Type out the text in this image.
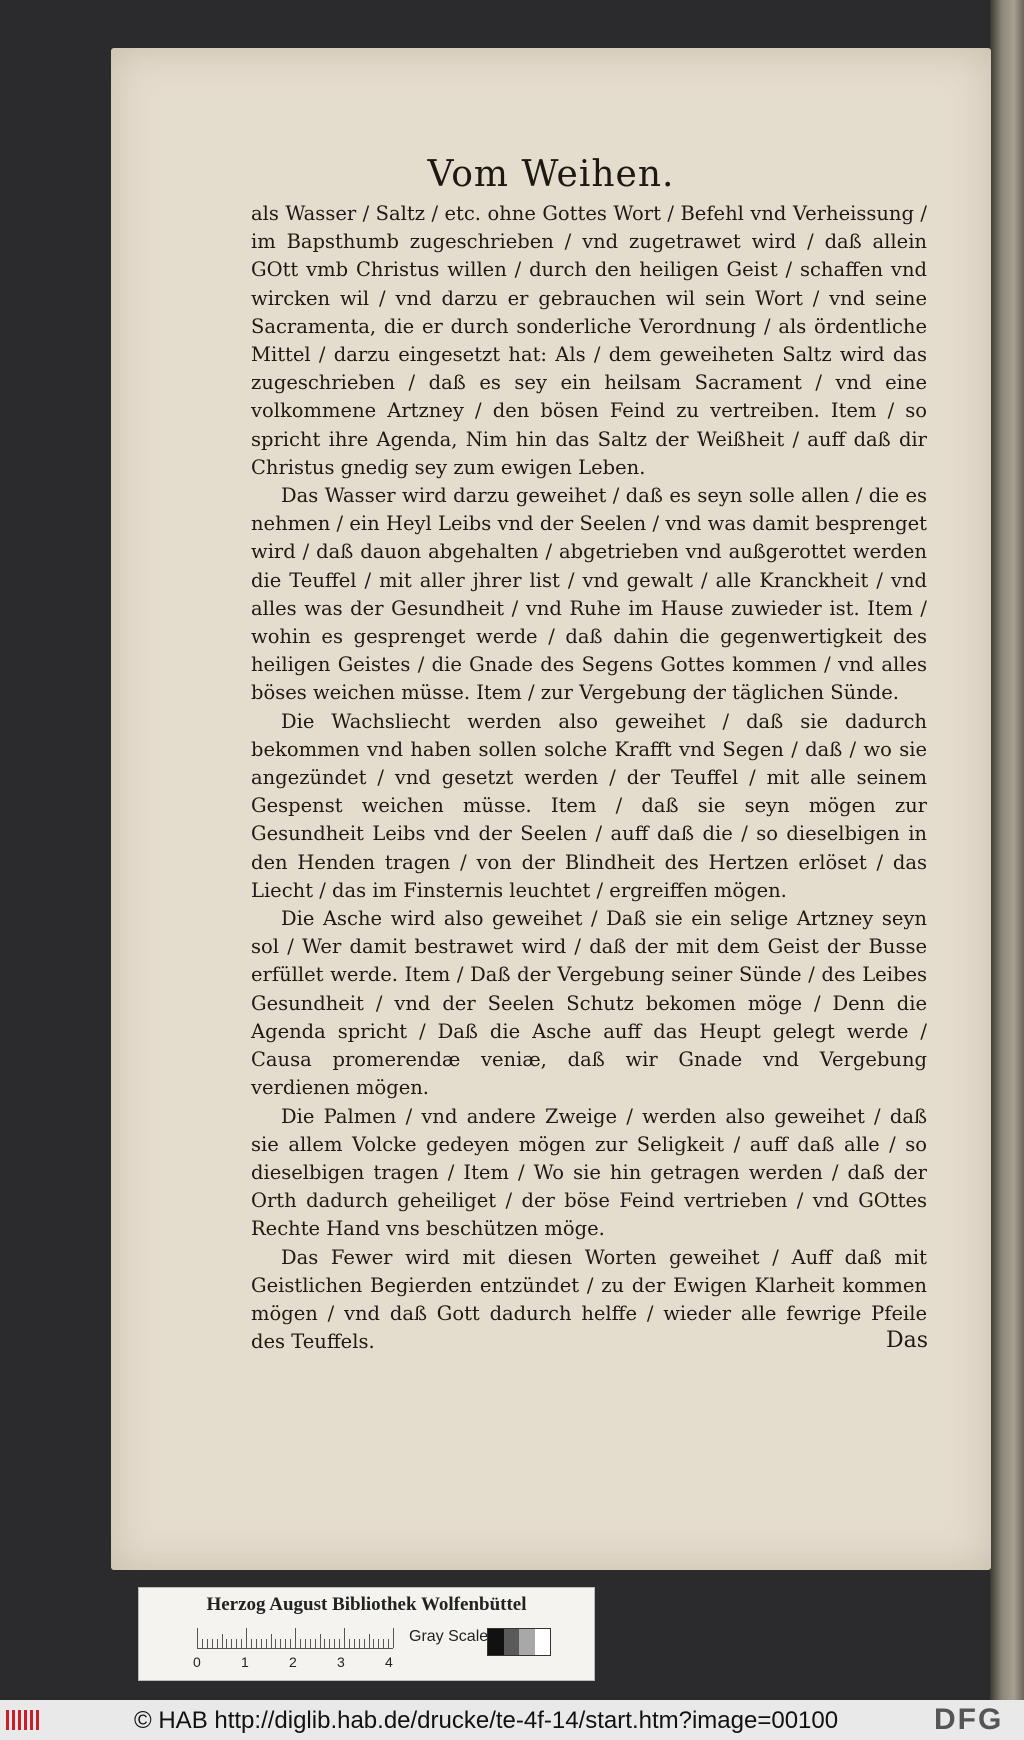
Vom Weihen.

als Wasser / Saltz / etc. ohne Gottes Wort / Befehl vnd Verheissung / im Bapsthumb zugeschrieben / vnd zugetrawet wird / daß allein GOtt vmb Christus willen / durch den heiligen Geist / schaffen vnd wircken wil / vnd darzu er gebrauchen wil sein Wort / vnd seine Sacramenta, die er durch sonderliche Verordnung / als ördentliche Mittel / darzu eingesetzt hat: Als / dem geweiheten Saltz wird das zugeschrieben / daß es sey ein heilsam Sacrament / vnd eine volkommene Artzney / den bösen Feind zu vertreiben. Item / so spricht ihre Agenda, Nim hin das Saltz der Weißheit / auff daß dir Christus gnedig sey zum ewigen Leben.

Das Wasser wird darzu geweihet / daß es seyn solle allen / die es nehmen / ein Heyl Leibs vnd der Seelen / vnd was damit besprenget wird / daß dauon abgehalten / abgetrieben vnd außgerottet werden die Teuffel / mit aller jhrer list / vnd gewalt / alle Kranckheit / vnd alles was der Gesundheit / vnd Ruhe im Hause zuwieder ist. Item / wohin es gesprenget werde / daß dahin die gegenwertigkeit des heiligen Geistes / die Gnade des Segens Gottes kommen / vnd alles böses weichen müsse. Item / zur Vergebung der täglichen Sünde.

Die Wachsliecht werden also geweihet / daß sie dadurch bekommen vnd haben sollen solche Krafft vnd Segen / daß / wo sie angezündet / vnd gesetzt werden / der Teuffel / mit alle seinem Gespenst weichen müsse. Item / daß sie seyn mögen zur Gesundheit Leibs vnd der Seelen / auff daß die / so dieselbigen in den Henden tragen / von der Blindheit des Hertzen erlöset / das Liecht / das im Finsternis leuchtet / ergreiffen mögen.

Die Asche wird also geweihet / Daß sie ein selige Artzney seyn sol / Wer damit bestrawet wird / daß der mit dem Geist der Busse erfüllet werde. Item / Daß der Vergebung seiner Sünde / des Leibes Gesundheit / vnd der Seelen Schutz bekomen möge / Denn die Agenda spricht / Daß die Asche auff das Heupt gelegt werde / Causa promerendæ veniæ, daß wir Gnade vnd Vergebung verdienen mögen.

Die Palmen / vnd andere Zweige / werden also geweihet / daß sie allem Volcke gedeyen mögen zur Seligkeit / auff daß alle / so dieselbigen tragen / Item / Wo sie hin getragen werden / daß der Orth dadurch geheiliget / der böse Feind vertrieben / vnd GOttes Rechte Hand vns beschützen möge.

Das Fewer wird mit diesen Worten geweihet / Auff daß mit Geistlichen Begierden entzündet / zu der Ewigen Klarheit kommen mögen / vnd daß Gott dadurch helffe / wieder alle fewrige Pfeile des Teuffels.	Das
Herzog August Bibliothek Wolfenbüttel
0	1	2	3	4
Gray Scale
© HAB http://diglib.hab.de/drucke/te-4f-14/start.htm?image=00100	DFG
